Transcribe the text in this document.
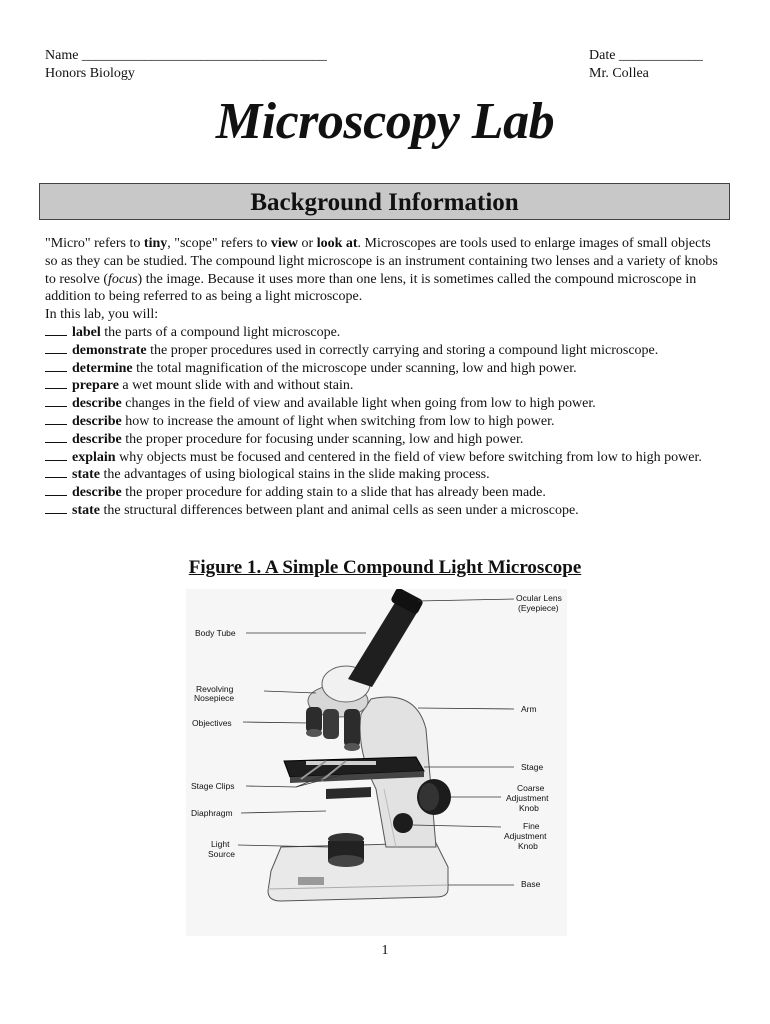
Name ___________________________________
Honors Biology
Date ____________
Mr. Collea
Microscopy Lab
Background Information

"Micro" refers to tiny, "scope" refers to view or look at. Microscopes are tools used to enlarge images of small objects so as they can be studied. The compound light microscope is an instrument containing two lenses and a variety of knobs to resolve (focus) the image. Because it uses more than one lens, it is sometimes called the compound microscope in addition to being referred to as being a light microscope.

In this lab, you will:

label the parts of a compound light microscope.

demonstrate the proper procedures used in correctly carrying and storing a compound light microscope.

determine the total magnification of the microscope under scanning, low and high power.

prepare a wet mount slide with and without stain.

describe changes in the field of view and available light when going from low to high power.

describe how to increase the amount of light when switching from low to high power.

describe the proper procedure for focusing under scanning, low and high power.

explain why objects must be focused and centered in the field of view before switching from low to high power.

state the advantages of using biological stains in the slide making process.

describe the proper procedure for adding stain to a slide that has already been made.

state the structural differences between plant and animal cells as seen under a microscope.

Figure 1. A Simple Compound Light Microscope
Ocular Lens
(Eyepiece)
Body Tube
Revolving
Nosepiece
Objectives
Arm
Stage
Stage Clips	Coarse
Adjustment
Knob
Diaphragm
Fine
Adjustment
Knob
Light
Source
Base
1
